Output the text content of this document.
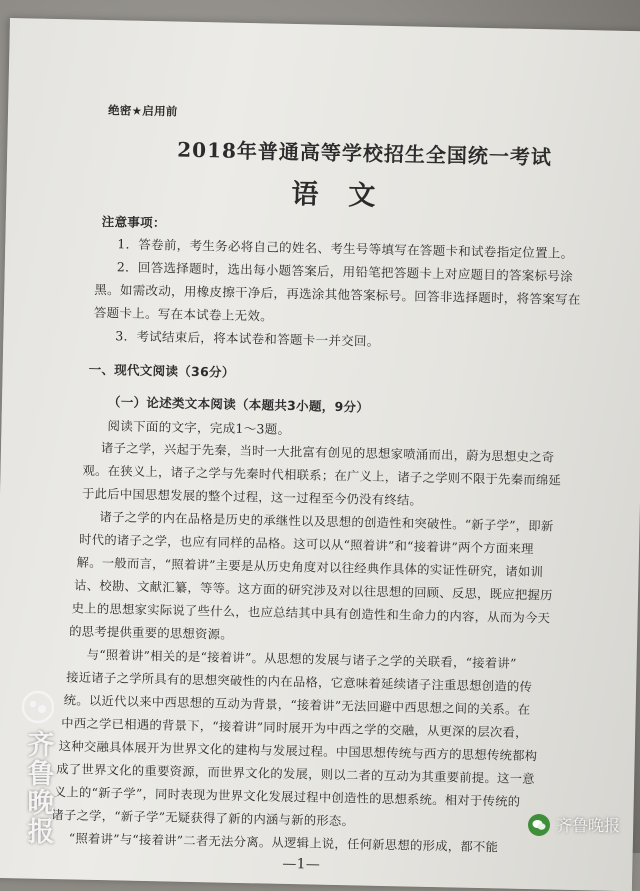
绝密★启用前
2018年普通高等学校招生全国统一考试
语文
注意事项：
1．答卷前，考生务必将自己的姓名、考生号等填写在答题卡和试卷指定位置上。
2．回答选择题时，选出每小题答案后，用铅笔把答题卡上对应题目的答案标号涂
黑。如需改动，用橡皮擦干净后，再选涂其他答案标号。回答非选择题时，将答案写在
答题卡上。写在本试卷上无效。
3．考试结束后，将本试卷和答题卡一并交回。
一、现代文阅读（36分）
（一）论述类文本阅读（本题共3小题，9分）
阅读下面的文字，完成1～3题。
诸子之学，兴起于先秦，当时一大批富有创见的思想家喷涌而出，蔚为思想史之奇
观。在狭义上，诸子之学与先秦时代相联系；在广义上，诸子之学则不限于先秦而绵延
于此后中国思想发展的整个过程，这一过程至今仍没有终结。
诸子之学的内在品格是历史的承继性以及思想的创造性和突破性。“新子学”，即新
时代的诸子之学，也应有同样的品格。这可以从“照着讲”和“接着讲”两个方面来理
解。一般而言，“照着讲”主要是从历史角度对以往经典作具体的实证性研究，诸如训
诂、校勘、文献汇纂，等等。这方面的研究涉及对以往思想的回顾、反思，既应把握历
史上的思想家实际说了些什么，也应总结其中具有创造性和生命力的内容，从而为今天
的思考提供重要的思想资源。
与“照着讲”相关的是“接着讲”。从思想的发展与诸子之学的关联看，“接着讲”
接近诸子之学所具有的思想突破性的内在品格，它意味着延续诸子注重思想创造的传
统。以近代以来中西思想的互动为背景，“接着讲”无法回避中西思想之间的关系。在
中西之学已相遇的背景下，“接着讲”同时展开为中西之学的交融，从更深的层次看，
这种交融具体展开为世界文化的建构与发展过程。中国思想传统与西方的思想传统都构
成了世界文化的重要资源，而世界文化的发展，则以二者的互动为其重要前提。这一意
义上的“新子学”，同时表现为世界文化发展过程中创造性的思想系统。相对于传统的
诸子之学，“新子学”无疑获得了新的内涵与新的形态。
“照着讲”与“接着讲”二者无法分离。从逻辑上说，任何新思想的形成，都不能
—1—
齐鲁晚报	齐鲁晚报
